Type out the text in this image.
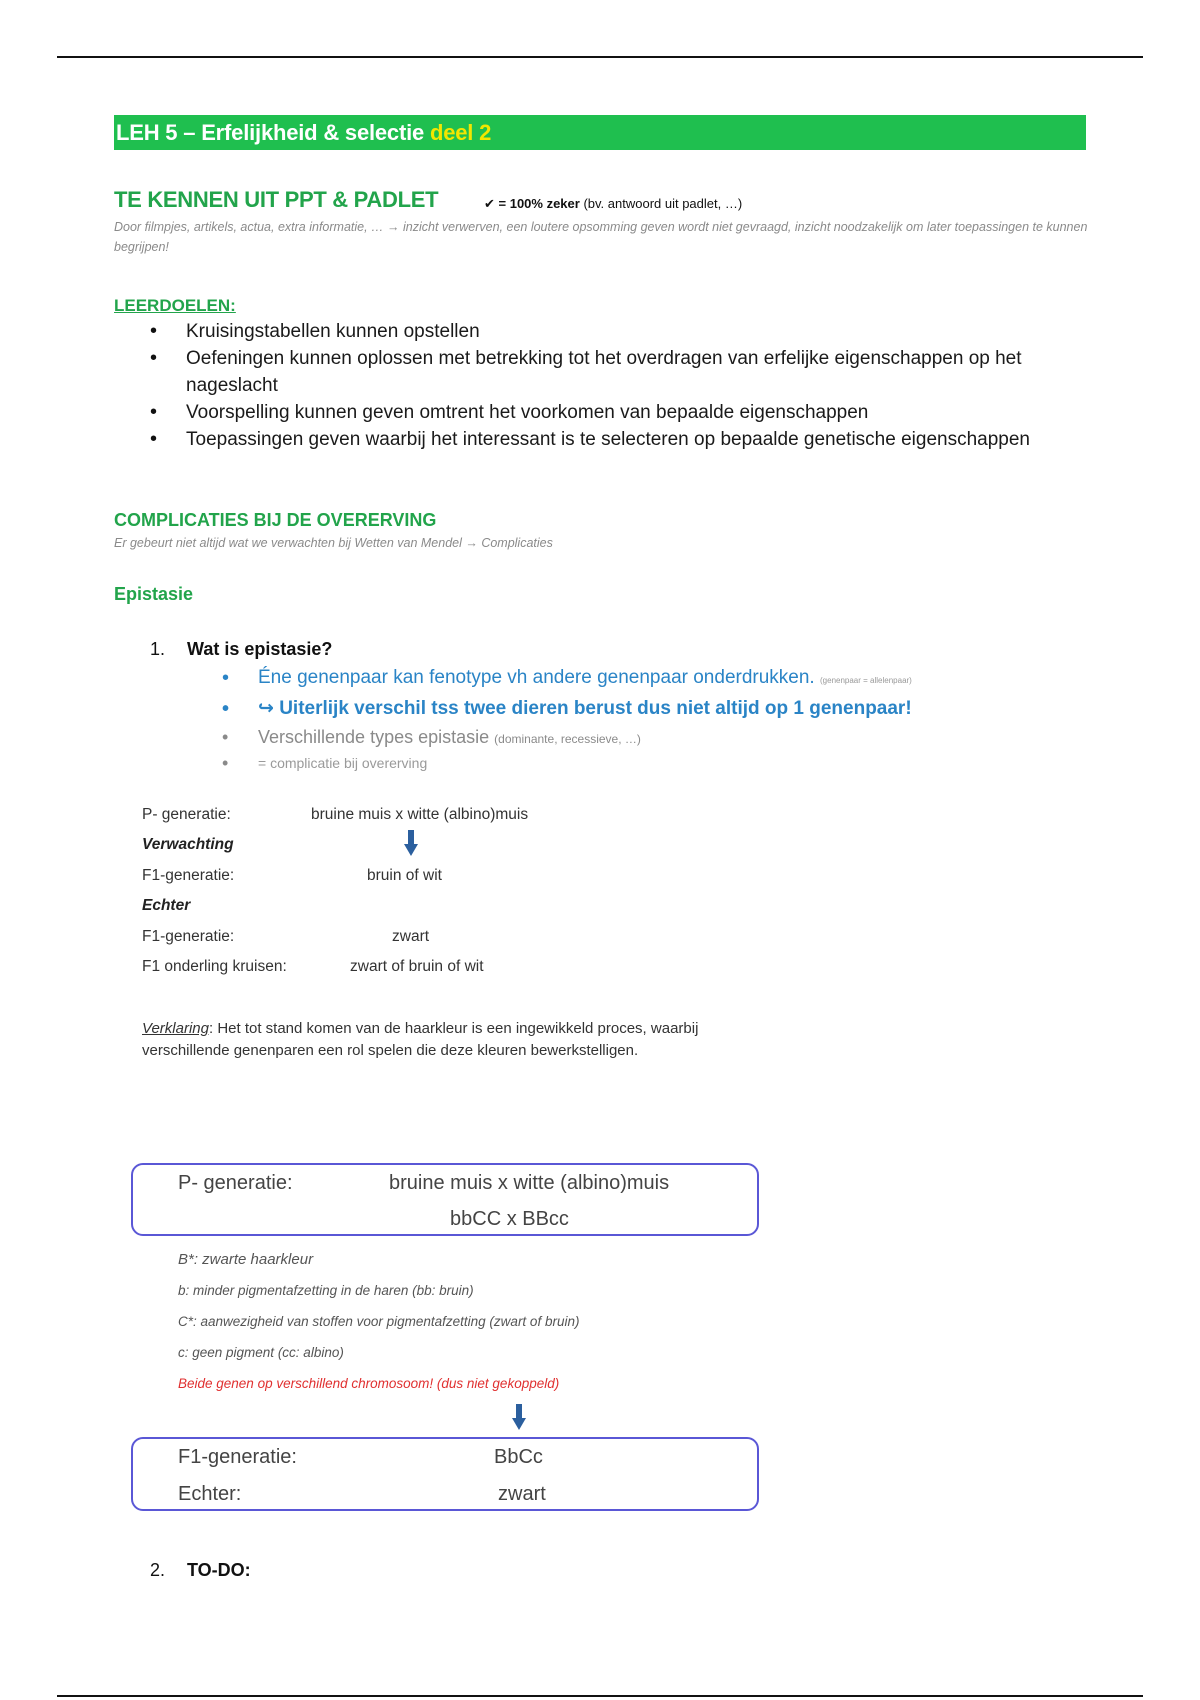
LEH 5 – Erfelijkheid & selectie deel 2
TE KENNEN UIT PPT & PADLET	✔ = 100% zeker (bv. antwoord uit padlet, …)
Door filmpjes, artikels, actua, extra informatie, … → inzicht verwerven, een loutere opsomming geven wordt niet gevraagd, inzicht noodzakelijk om later toepassingen te kunnen begrijpen!
LEERDOELEN:
• Kruisingstabellen kunnen opstellen
• Oefeningen kunnen oplossen met betrekking tot het overdragen van erfelijke eigenschappen op het nageslacht
• Voorspelling kunnen geven omtrent het voorkomen van bepaalde eigenschappen
• Toepassingen geven waarbij het interessant is te selecteren op bepaalde genetische eigenschappen
COMPLICATIES BIJ DE OVERERVING
Er gebeurt niet altijd wat we verwachten bij Wetten van Mendel → Complicaties
Epistasie
1. Wat is epistasie?
• Éne genenpaar kan fenotype vh andere genenpaar onderdrukken. (genenpaar = allelenpaar)
• ↪ Uiterlijk verschil tss twee dieren berust dus niet altijd op 1 genenpaar!
• Verschillende types epistasie (dominante, recessieve, …)
• = complicatie bij overerving
P- generatie:	bruine muis x witte (albino)muis
Verwachting
F1-generatie:	bruin of wit
Echter
F1-generatie:	zwart
F1 onderling kruisen:	zwart of bruin of wit
Verklaring: Het tot stand komen van de haarkleur is een ingewikkeld proces, waarbij verschillende genenparen een rol spelen die deze kleuren bewerkstelligen.
P- generatie:	bruine muis x witte (albino)muis
bbCC x BBcc
B*: zwarte haarkleur
b: minder pigmentafzetting in de haren (bb: bruin)
C*: aanwezigheid van stoffen voor pigmentafzetting (zwart of bruin)
c: geen pigment (cc: albino)
Beide genen op verschillend chromosoom! (dus niet gekoppeld)
F1-generatie:	BbCc
Echter:	zwart
2. TO-DO:
